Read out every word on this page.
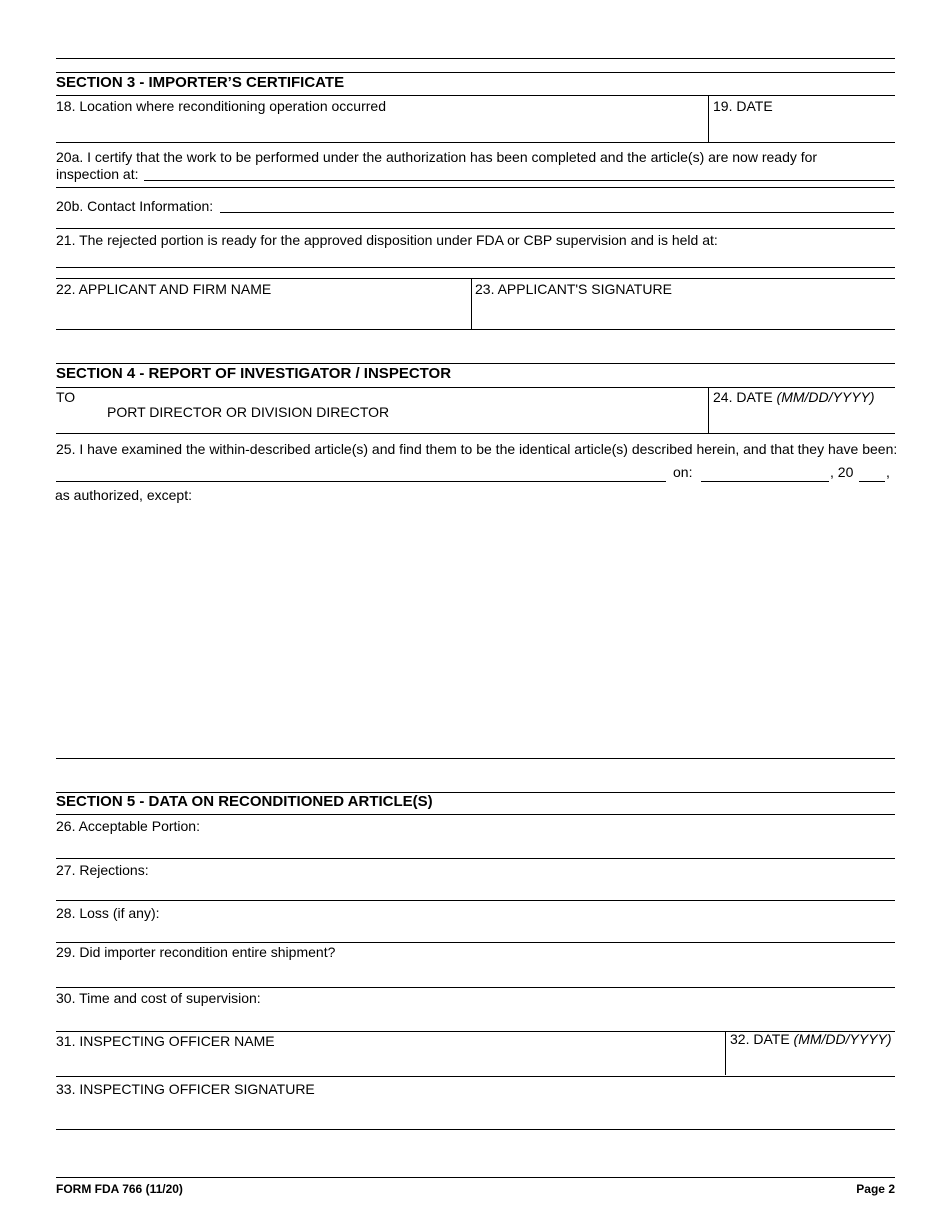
SECTION 3 - IMPORTER’S CERTIFICATE
18. Location where reconditioning operation occurred	19. DATE
20a. I certify that the work to be performed under the authorization has been completed and the article(s) are now ready for
inspection at:
20b. Contact Information:
21. The rejected portion is ready for the approved disposition under FDA or CBP supervision and is held at:
22. APPLICANT AND FIRM NAME	23. APPLICANT'S SIGNATURE
SECTION 4 - REPORT OF INVESTIGATOR / INSPECTOR
TO
PORT DIRECTOR OR DIVISION DIRECTOR
24. DATE (MM/DD/YYYY)
25. I have examined the within-described article(s) and find them to be the identical article(s) described herein, and that they have been:
on:	, 20 ,
as authorized, except:
SECTION 5 - DATA ON RECONDITIONED ARTICLE(S)
26. Acceptable Portion:
27. Rejections:
28. Loss (if any):
29. Did importer recondition entire shipment?
30. Time and cost of supervision:
31. INSPECTING OFFICER NAME	32. DATE (MM/DD/YYYY)
33. INSPECTING OFFICER SIGNATURE
FORM FDA 766 (11/20)	Page 2
